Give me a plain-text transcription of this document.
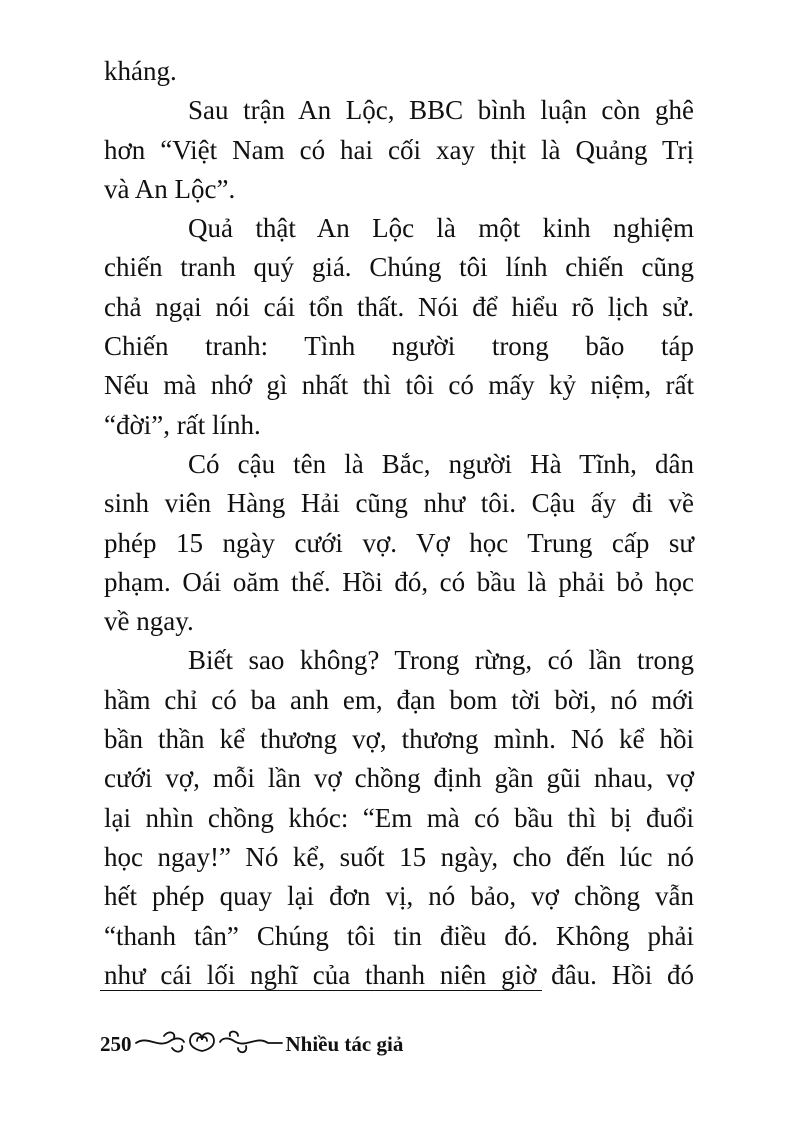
kháng.
Sau trận An Lộc, BBC bình luận còn ghê
hơn “Việt Nam có hai cối xay thịt là Quảng Trị
và An Lộc”.
Quả thật An Lộc là một kinh nghiệm
chiến tranh quý giá. Chúng tôi lính chiến cũng
chả ngại nói cái tổn thất. Nói để hiểu rõ lịch sử.
Chiến tranh: Tình người trong bão táp
Nếu mà nhớ gì nhất thì tôi có mấy kỷ niệm, rất
“đời”, rất lính.
Có cậu tên là Bắc, người Hà Tĩnh, dân
sinh viên Hàng Hải cũng như tôi. Cậu ấy đi về
phép 15 ngày cưới vợ. Vợ học Trung cấp sư
phạm. Oái oăm thế. Hồi đó, có bầu là phải bỏ học
về ngay.
Biết sao không? Trong rừng, có lần trong
hầm chỉ có ba anh em, đạn bom tời bời, nó mới
bần thần kể thương vợ, thương mình. Nó kể hồi
cưới vợ, mỗi lần vợ chồng định gần gũi nhau, vợ
lại nhìn chồng khóc: “Em mà có bầu thì bị đuổi
học ngay!” Nó kể, suốt 15 ngày, cho đến lúc nó
hết phép quay lại đơn vị, nó bảo, vợ chồng vẫn
“thanh tân” Chúng tôi tin điều đó. Không phải
như cái lối nghĩ của thanh niên giờ đâu. Hồi đó
250	Nhiều tác giả
